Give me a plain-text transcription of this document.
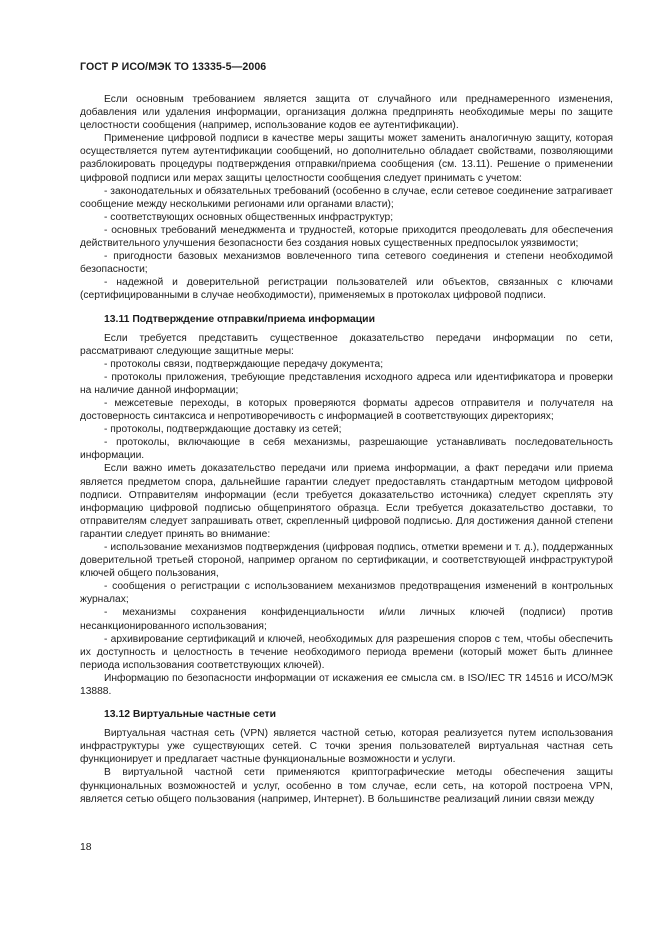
ГОСТ Р ИСО/МЭК ТО 13335-5—2006

Если основным требованием является защита от случайного или преднамеренного изменения, добавления или удаления информации, организация должна предпринять необходимые меры по защите целостности сообщения (например, использование кодов ее аутентификации).

Применение цифровой подписи в качестве меры защиты может заменить аналогичную защиту, которая осуществляется путем аутентификации сообщений, но дополнительно обладает свойствами, позволяющими разблокировать процедуры подтверждения отправки/приема сообщения (см. 13.11). Решение о применении цифровой подписи или мерах защиты целостности сообщения следует принимать с учетом:

- законодательных и обязательных требований (особенно в случае, если сетевое соединение затрагивает сообщение между несколькими регионами или органами власти);

- соответствующих основных общественных инфраструктур;

- основных требований менеджмента и трудностей, которые приходится преодолевать для обеспечения действительного улучшения безопасности без создания новых существенных предпосылок уязвимости;

- пригодности базовых механизмов вовлеченного типа сетевого соединения и степени необходимой безопасности;

- надежной и доверительной регистрации пользователей или объектов, связанных с ключами (сертифицированными в случае необходимости), применяемых в протоколах цифровой подписи.

13.11 Подтверждение отправки/приема информации

Если требуется представить существенное доказательство передачи информации по сети, рассматривают следующие защитные меры:

- протоколы связи, подтверждающие передачу документа;

- протоколы приложения, требующие представления исходного адреса или идентификатора и проверки на наличие данной информации;

- межсетевые переходы, в которых проверяются форматы адресов отправителя и получателя на достоверность синтаксиса и непротиворечивость с информацией в соответствующих директориях;

- протоколы, подтверждающие доставку из сетей;

- протоколы, включающие в себя механизмы, разрешающие устанавливать последовательность информации.

Если важно иметь доказательство передачи или приема информации, а факт передачи или приема является предметом спора, дальнейшие гарантии следует предоставлять стандартным методом цифровой подписи. Отправителям информации (если требуется доказательство источника) следует скреплять эту информацию цифровой подписью общепринятого образца. Если требуется доказательство доставки, то отправителям следует запрашивать ответ, скрепленный цифровой подписью. Для достижения данной степени гарантии следует принять во внимание:

- использование механизмов подтверждения (цифровая подпись, отметки времени и т. д.), поддержанных доверительной третьей стороной, например органом по сертификации, и соответствующей инфраструктурой ключей общего пользования,

- сообщения о регистрации с использованием механизмов предотвращения изменений в контрольных журналах;

- механизмы сохранения конфиденциальности и/или личных ключей (подписи) против несанкционированного использования;

- архивирование сертификаций и ключей, необходимых для разрешения споров с тем, чтобы обеспечить их доступность и целостность в течение необходимого периода времени (который может быть длиннее периода использования соответствующих ключей).

Информацию по безопасности информации от искажения ее смысла см. в ISO/IEC TR 14516 и ИСО/МЭК 13888.

13.12 Виртуальные частные сети

Виртуальная частная сеть (VPN) является частной сетью, которая реализуется путем использования инфраструктуры уже существующих сетей. С точки зрения пользователей виртуальная частная сеть функционирует и предлагает частные функциональные возможности и услуги.

В виртуальной частной сети применяются криптографические методы обеспечения защиты функциональных возможностей и услуг, особенно в том случае, если сеть, на которой построена VPN, является сетью общего пользования (например, Интернет). В большинстве реализаций линии связи между

18
